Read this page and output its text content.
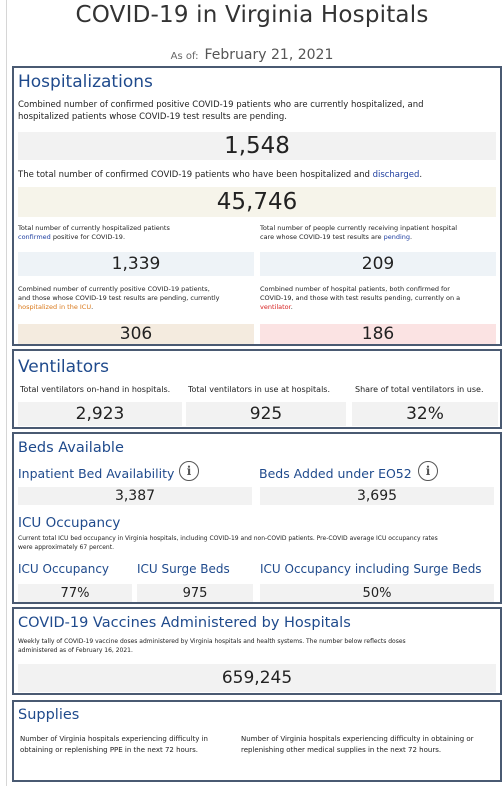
COVID-19 in Virginia Hospitals
As of: February 21, 2021
Hospitalizations
Combined number of confirmed positive COVID-19 patients who are currently hospitalized, and
hospitalized patients whose COVID-19 test results are pending.
1,548
The total number of confirmed COVID-19 patients who have been hospitalized and discharged.
45,746
Total number of currently hospitalized patients
confirmed positive for COVID-19.
1,339
Total number of people currently receiving inpatient hospital
care whose COVID-19 test results are pending.
209
Combined number of currently positive COVID-19 patients,
and those whose COVID-19 test results are pending, currently
hospitalized in the ICU.
306
Combined number of hospital patients, both confirmed for
COVID-19, and those with test results pending, currently on a
ventilator.
186
Ventilators
Total ventilators on-hand in hospitals.
2,923
Total ventilators in use at hospitals.
925
Share of total ventilators in use.
32%
Beds Available
Inpatient Bed Availability i
3,387
Beds Added under EO52 i
3,695
ICU Occupancy
Current total ICU bed occupancy in Virginia hospitals, including COVID-19 and non-COVID patients. Pre-COVID average ICU occupancy rates
were approximately 67 percent.
ICU Occupancy
77%
ICU Surge Beds
975
ICU Occupancy including Surge Beds
50%
COVID-19 Vaccines Administered by Hospitals
Weekly tally of COVID-19 vaccine doses administered by Virginia hospitals and health systems. The number below reflects doses
administered as of February 16, 2021.
659,245
Supplies
Number of Virginia hospitals experiencing difficulty in
obtaining or replenishing PPE in the next 72 hours.
Number of Virginia hospitals experiencing difficulty in obtaining or
replenishing other medical supplies in the next 72 hours.
